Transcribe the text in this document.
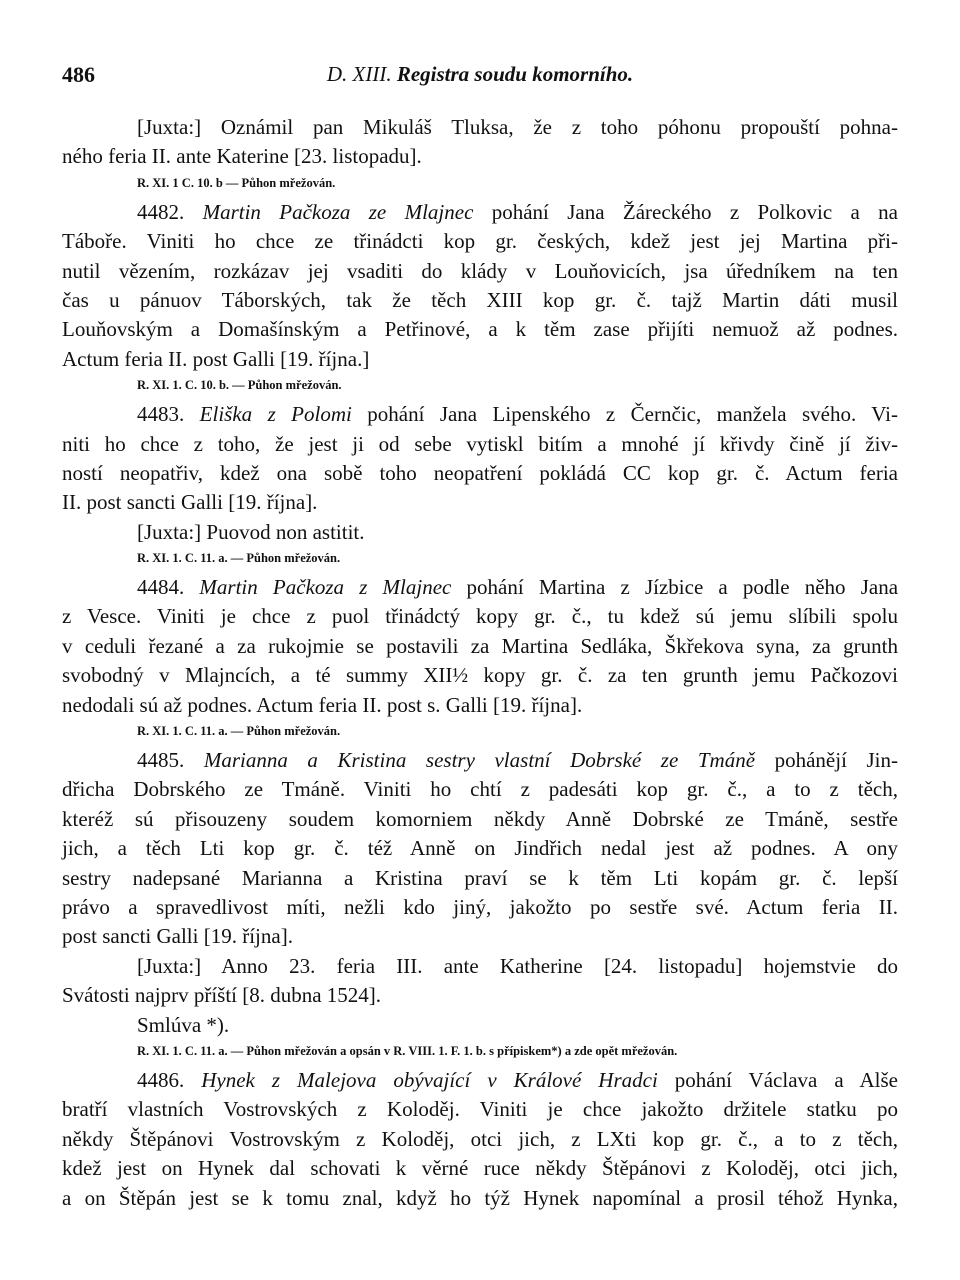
486	D. XIII. Registra soudu komorního.
[Juxta:] Oznámil pan Mikuláš Tluksa, že z toho póhonu propouští pohna-
ného feria II. ante Katerine [23. listopadu].
R. XI. 1 C. 10. b — Půhon mřežován.
4482. Martin Pačkoza ze Mlajnec pohání Jana Žáreckého z Polkovic a na
Táboře. Viniti ho chce ze třinádcti kop gr. českých, kdež jest jej Martina při-
nutil vězením, rozkázav jej vsaditi do klády v Louňovicích, jsa úředníkem na ten
čas u pánuov Táborských, tak že těch XIII kop gr. č. tajž Martin dáti musil
Louňovským a Domašínským a Petřinové, a k těm zase přijíti nemuož až podnes.
Actum feria II. post Galli [19. října.]
R. XI. 1. C. 10. b. — Půhon mřežován.
4483. Eliška z Polomi pohání Jana Lipenského z Černčic, manžela svého. Vi-
niti ho chce z toho, že jest ji od sebe vytiskl bitím a mnohé jí křivdy čině jí živ-
ností neopatřiv, kdež ona sobě toho neopatření pokládá CC kop gr. č. Actum feria
II. post sancti Galli [19. října].
[Juxta:] Puovod non astitit.
R. XI. 1. C. 11. a. — Půhon mřežován.
4484. Martin Pačkoza z Mlajnec pohání Martina z Jízbice a podle něho Jana
z Vesce. Viniti je chce z puol třinádctý kopy gr. č., tu kdež sú jemu slíbili spolu
v ceduli řezané a za rukojmie se postavili za Martina Sedláka, Škřekova syna, za grunth
svobodný v Mlajncích, a té summy XII½ kopy gr. č. za ten grunth jemu Pačkozovi
nedodali sú až podnes. Actum feria II. post s. Galli [19. října].
R. XI. 1. C. 11. a. — Půhon mřežován.
4485. Marianna a Kristina sestry vlastní Dobrské ze Tmáně pohánějí Jin-
dřicha Dobrského ze Tmáně. Viniti ho chtí z padesáti kop gr. č., a to z těch,
kteréž sú přisouzeny soudem komorniem někdy Anně Dobrské ze Tmáně, sestře
jich, a těch Lti kop gr. č. též Anně on Jindřich nedal jest až podnes. A ony
sestry nadepsané Marianna a Kristina praví se k těm Lti kopám gr. č. lepší
právo a spravedlivost míti, nežli kdo jiný, jakožto po sestře své. Actum feria II.
post sancti Galli [19. října].
[Juxta:] Anno 23. feria III. ante Katherine [24. listopadu] hojemstvie do
Svátosti najprv příští [8. dubna 1524].
Smlúva *).
R. XI. 1. C. 11. a. — Půhon mřežován a opsán v R. VIII. 1. F. 1. b. s přípiskem*) a zde opět mřežován.
4486. Hynek z Malejova obývající v Králové Hradci pohání Václava a Alše
bratří vlastních Vostrovských z Koloděj. Viniti je chce jakožto držitele statku po
někdy Štěpánovi Vostrovským z Koloděj, otci jich, z LXti kop gr. č., a to z těch,
kdež jest on Hynek dal schovati k věrné ruce někdy Štěpánovi z Koloděj, otci jich,
a on Štěpán jest se k tomu znal, když ho týž Hynek napomínal a prosil téhož Hynka,
